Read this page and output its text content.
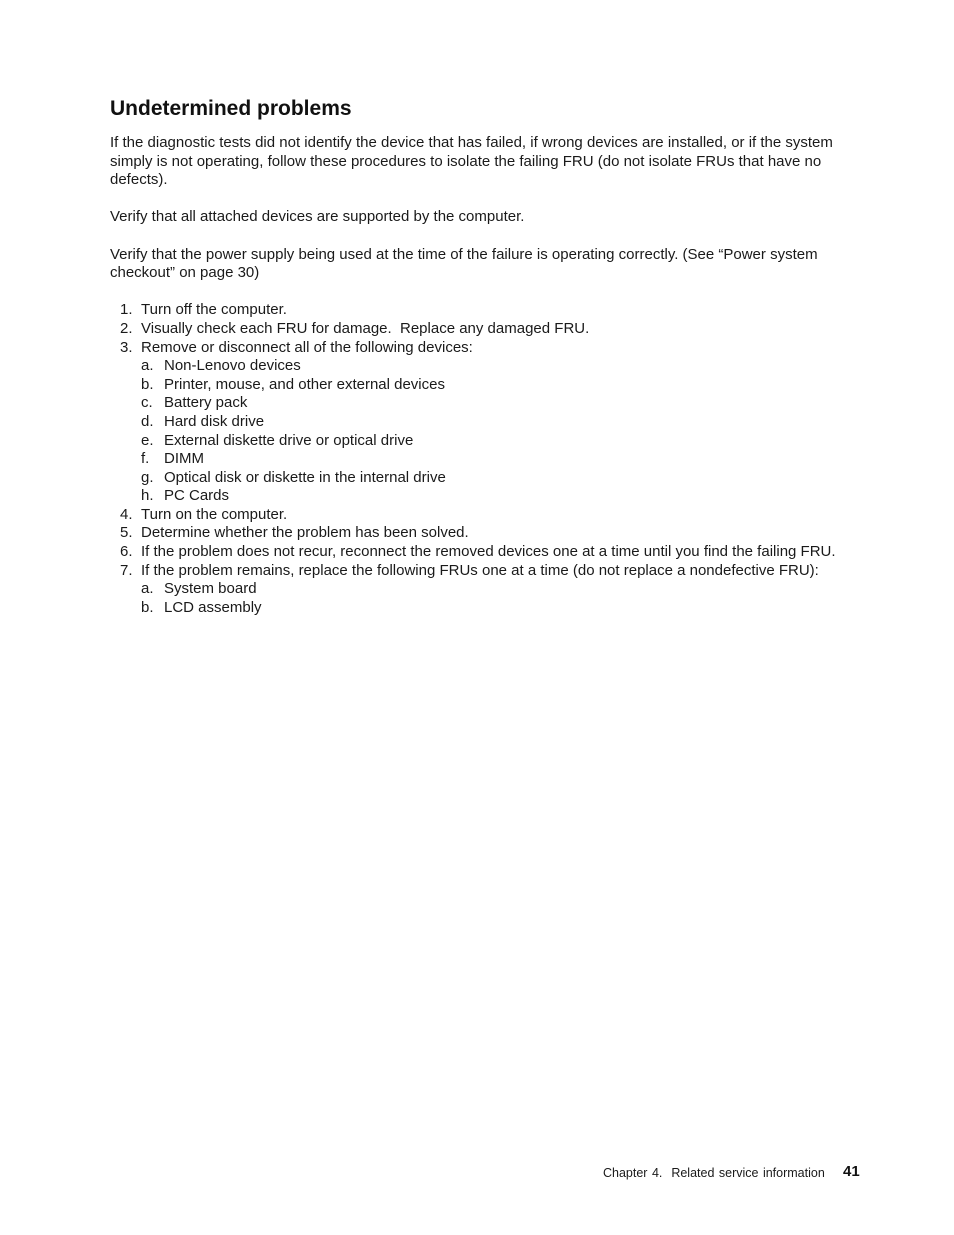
Undetermined problems

If the diagnostic tests did not identify the device that has failed, if wrong devices are installed, or if the system simply is not operating, follow these procedures to isolate the failing FRU (do not isolate FRUs that have no defects).

Verify that all attached devices are supported by the computer.

Verify that the power supply being used at the time of the failure is operating correctly. (See “Power system checkout” on page 30)

1. Turn off the computer.
2. Visually check each FRU for damage.  Replace any damaged FRU.
3. Remove or disconnect all of the following devices:
a. Non-Lenovo devices
b. Printer, mouse, and other external devices
c. Battery pack
d. Hard disk drive
e. External diskette drive or optical drive
f. DIMM
g. Optical disk or diskette in the internal drive
h. PC Cards
4. Turn on the computer.
5. Determine whether the problem has been solved.
6. If the problem does not recur, reconnect the removed devices one at a time until you find the failing FRU.
7. If the problem remains, replace the following FRUs one at a time (do not replace a nondefective FRU):
a. System board
b. LCD assembly
Chapter 4.  Related service information 41
